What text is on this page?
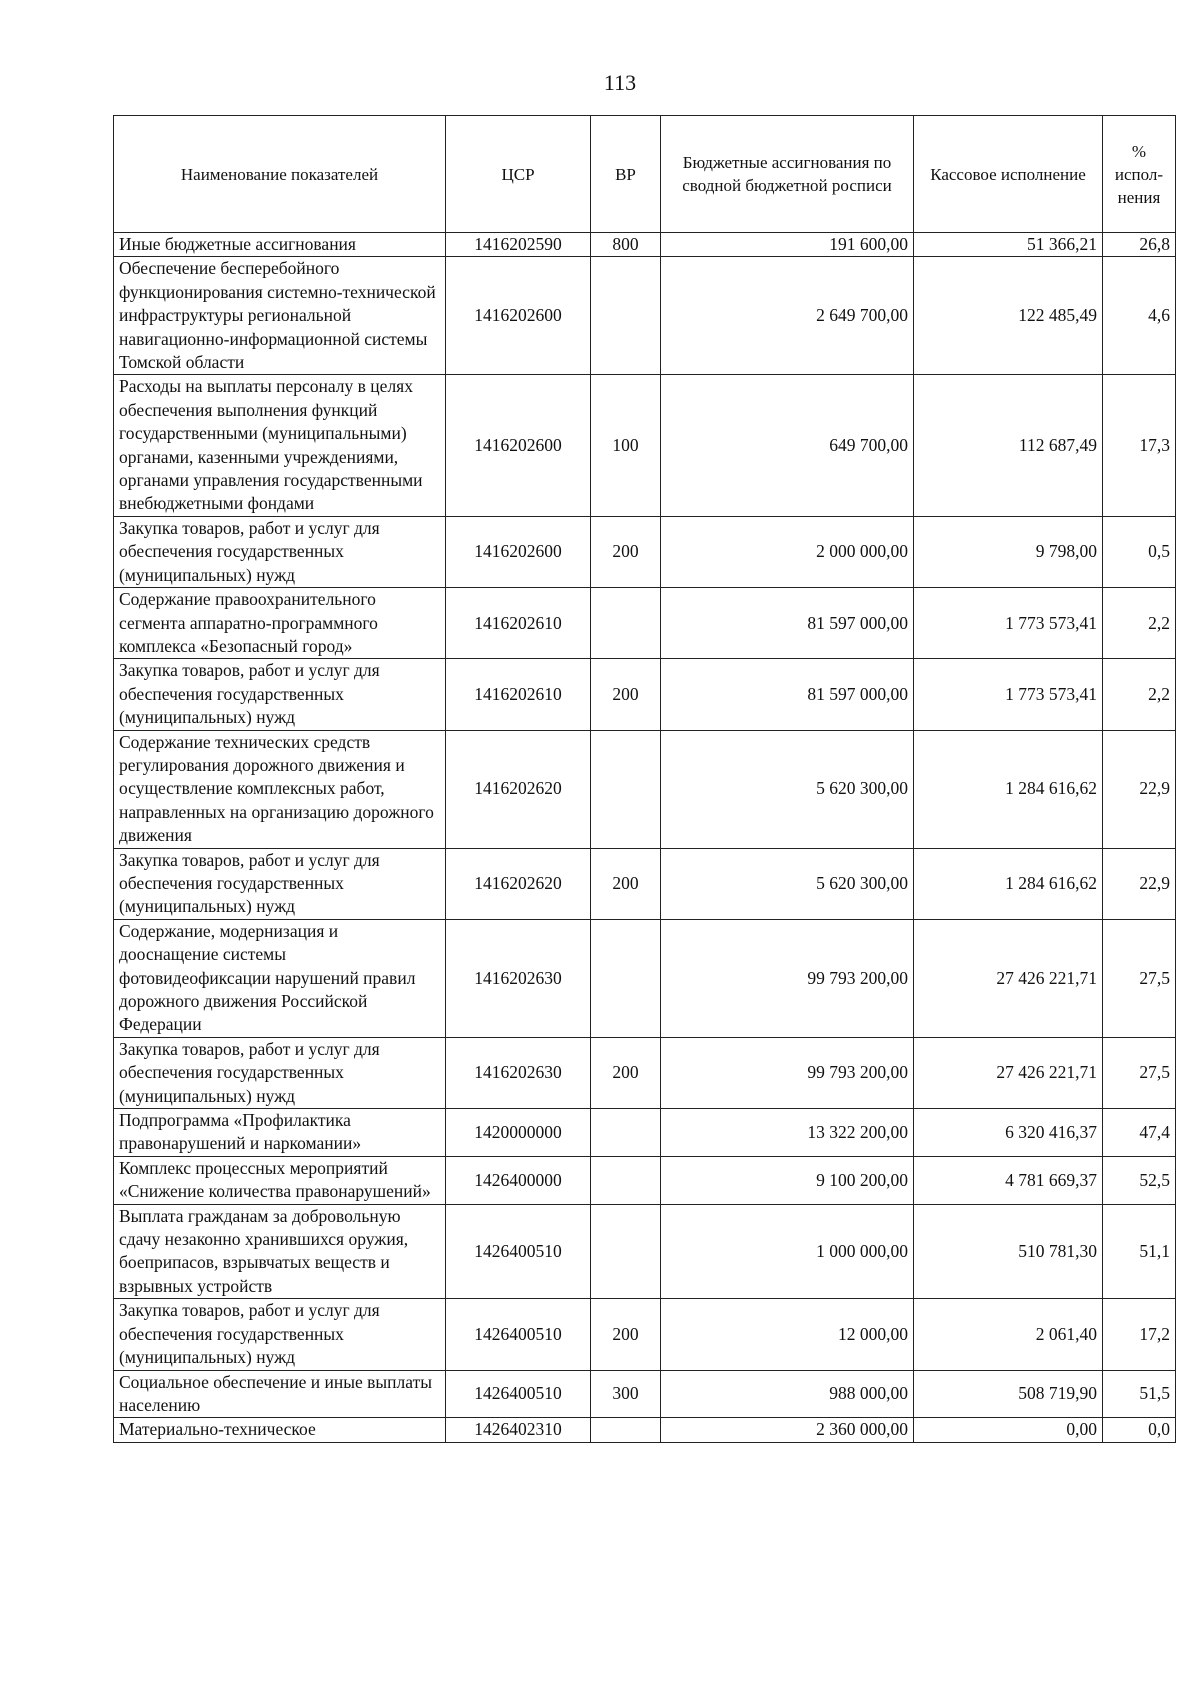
113
Наименование показателей	ЦСР	ВР	Бюджетные ассигнования по сводной бюджетной росписи	Кассовое исполнение	% испол-нения
Иные бюджетные ассигнования	1416202590	800	191 600,00	51 366,21	26,8
Обеспечение бесперебойного функционирования системно-технической инфраструктуры региональной навигационно-информационной системы Томской области	1416202600		2 649 700,00	122 485,49	4,6
Расходы на выплаты персоналу в целях обеспечения выполнения функций государственными (муниципальными) органами, казенными учреждениями, органами управления государственными внебюджетными фондами	1416202600	100	649 700,00	112 687,49	17,3
Закупка товаров, работ и услуг для обеспечения государственных (муниципальных) нужд	1416202600	200	2 000 000,00	9 798,00	0,5
Содержание правоохранительного сегмента аппаратно-программного комплекса «Безопасный город»	1416202610		81 597 000,00	1 773 573,41	2,2
Закупка товаров, работ и услуг для обеспечения государственных (муниципальных) нужд	1416202610	200	81 597 000,00	1 773 573,41	2,2
Содержание технических средств регулирования дорожного движения и осуществление комплексных работ, направленных на организацию дорожного движения	1416202620		5 620 300,00	1 284 616,62	22,9
Закупка товаров, работ и услуг для обеспечения государственных (муниципальных) нужд	1416202620	200	5 620 300,00	1 284 616,62	22,9
Содержание, модернизация и дооснащение системы фотовидеофиксации нарушений правил дорожного движения Российской Федерации	1416202630		99 793 200,00	27 426 221,71	27,5
Закупка товаров, работ и услуг для обеспечения государственных (муниципальных) нужд	1416202630	200	99 793 200,00	27 426 221,71	27,5
Подпрограмма «Профилактика правонарушений и наркомании»	1420000000		13 322 200,00	6 320 416,37	47,4
Комплекс процессных мероприятий «Снижение количества правонарушений»	1426400000		9 100 200,00	4 781 669,37	52,5
Выплата гражданам за добровольную сдачу незаконно хранившихся оружия, боеприпасов, взрывчатых веществ и взрывных устройств	1426400510		1 000 000,00	510 781,30	51,1
Закупка товаров, работ и услуг для обеспечения государственных (муниципальных) нужд	1426400510	200	12 000,00	2 061,40	17,2
Социальное обеспечение и иные выплаты населению	1426400510	300	988 000,00	508 719,90	51,5
Материально-техническое	1426402310		2 360 000,00	0,00	0,0
